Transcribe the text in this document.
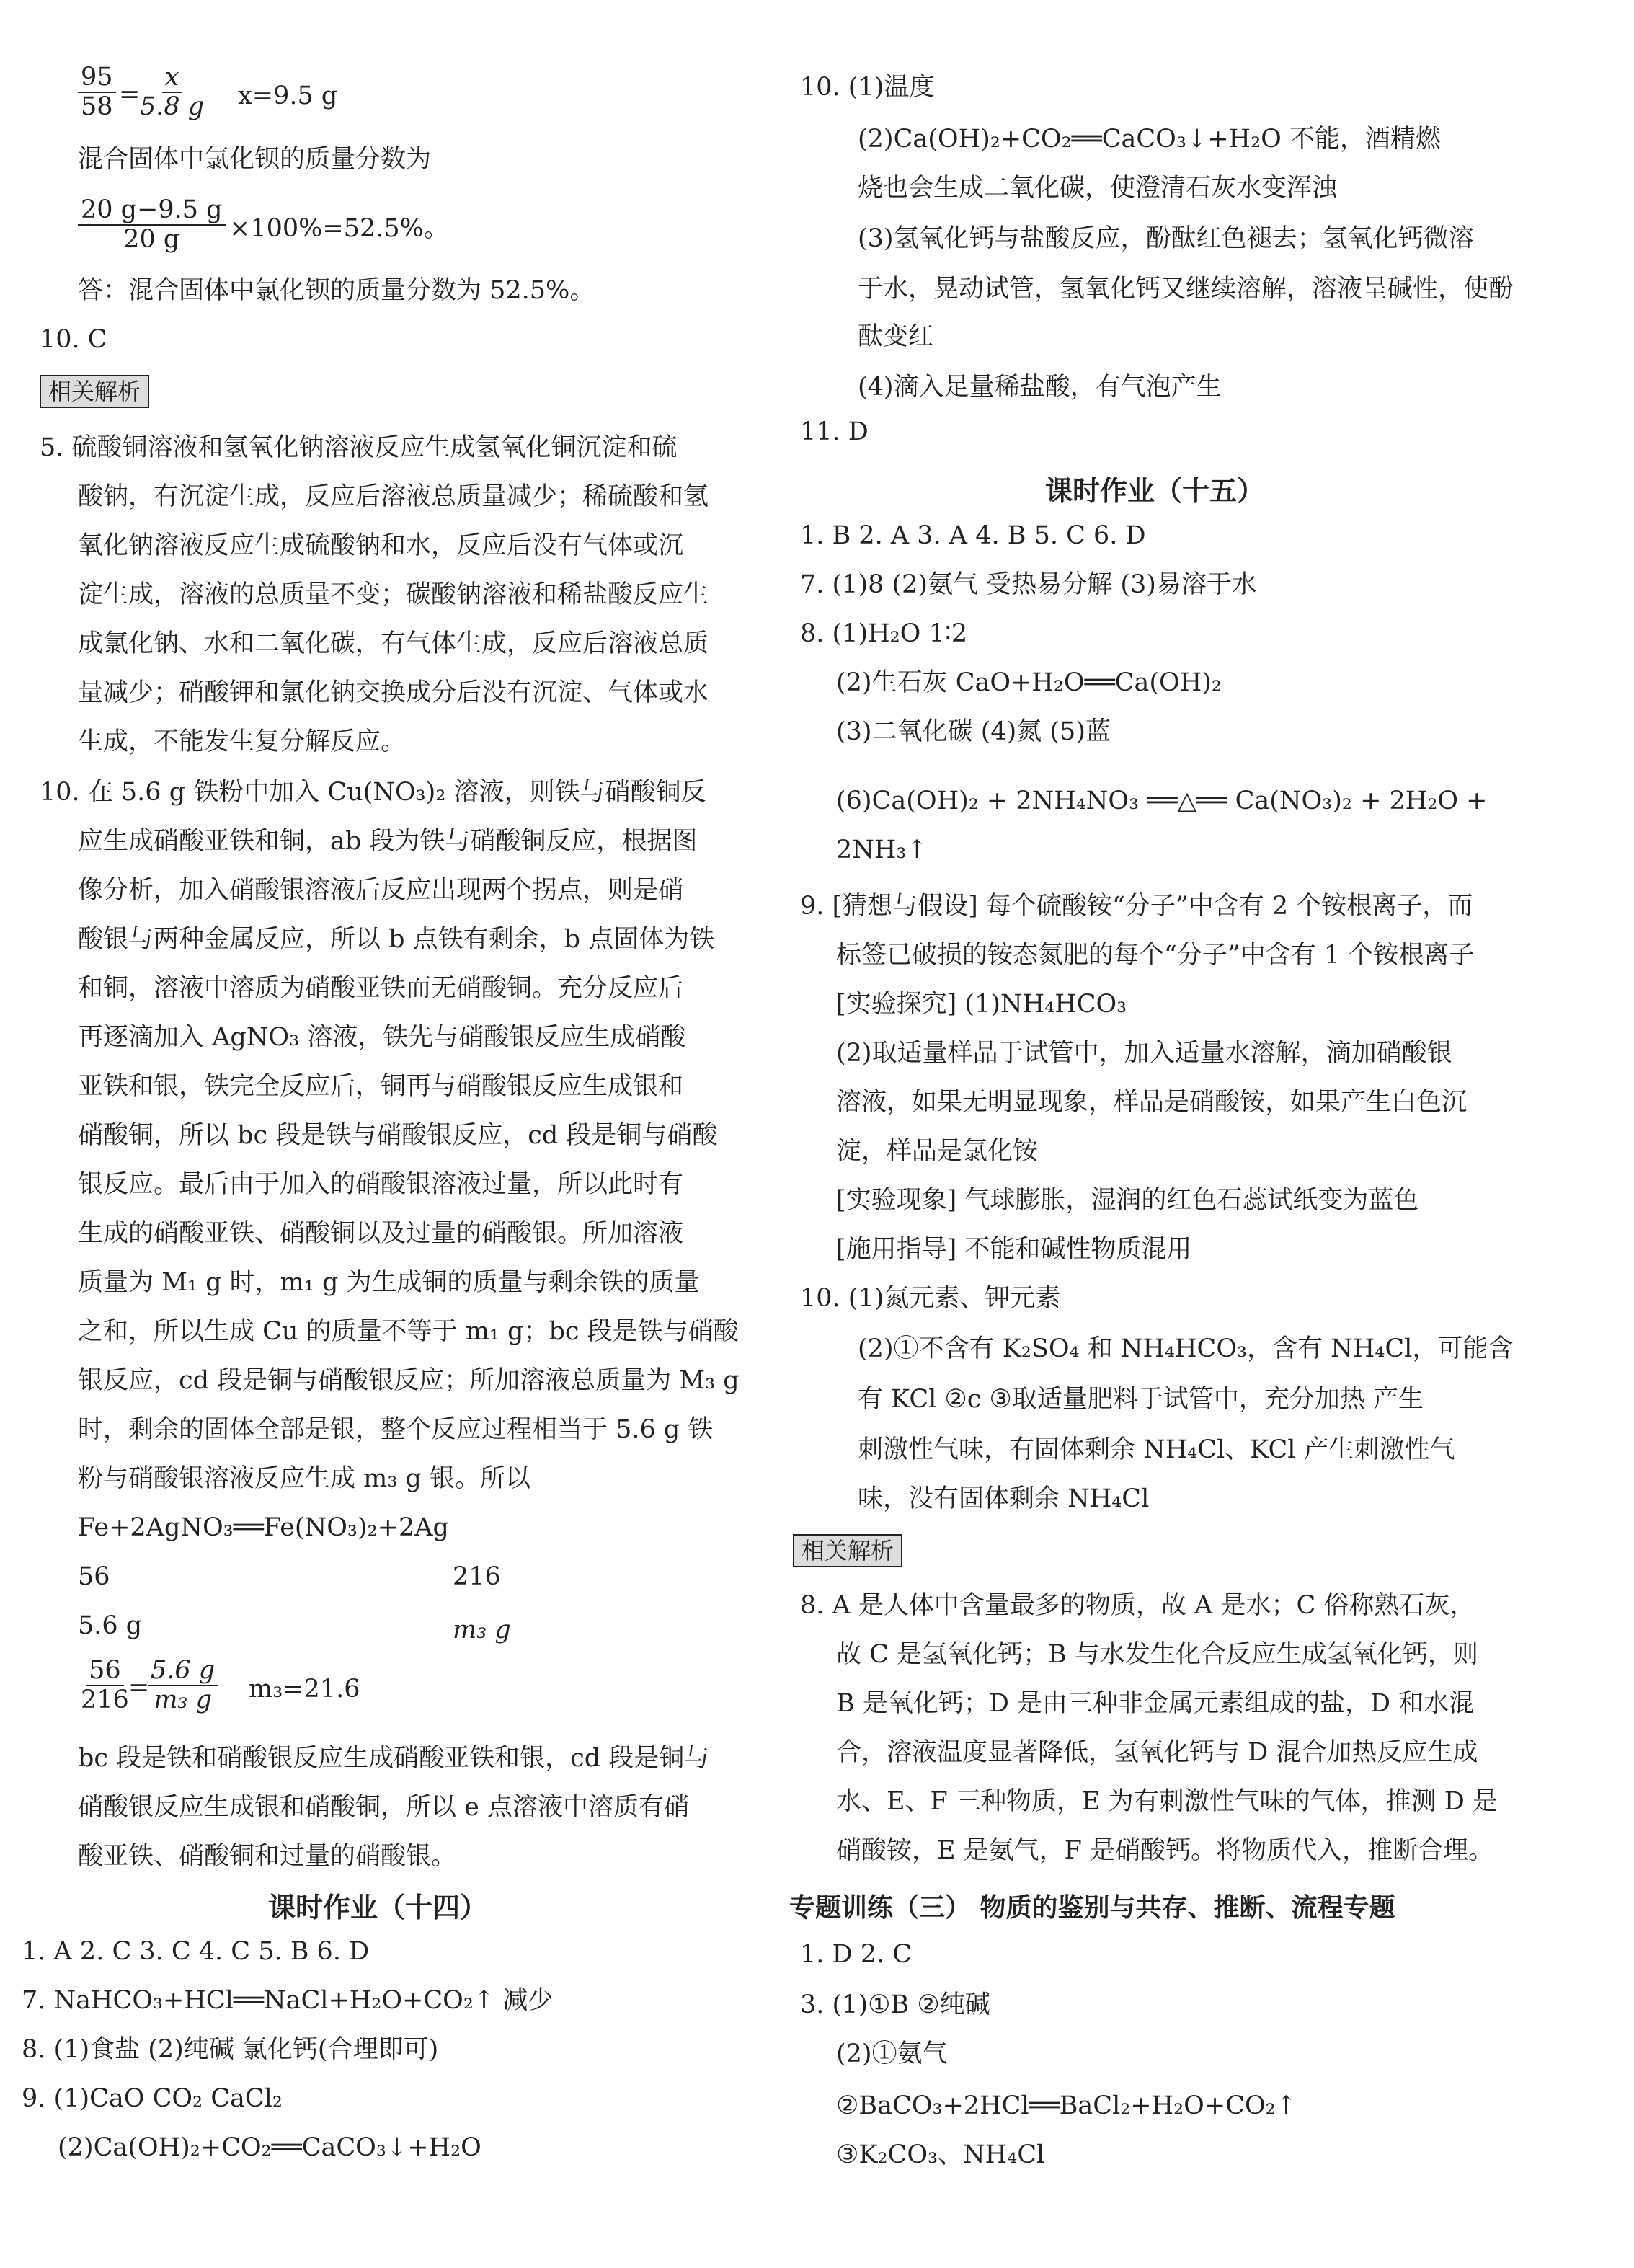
$\frac{95}{58}$ =
$\frac{x}{5.8 g} x=9.5$ g
混合固体中氯化钡的质量分数为
$\frac{20 g-9.5 g}{20 g} \times 100\%=52.5\%$。
答：混合固体中氯化钡的质量分数为 52.5%。
10. C
相关解析
5. 硫酸铜溶液和氢氧化钠溶液反应生成氢氧化铜沉淀和硫
酸钠，有沉淀生成，反应后溶液总质量减少；稀硫酸和氢
氧化钠溶液反应生成硫酸钠和水，反应后没有气体或沉
淀生成，溶液的总质量不变；碳酸钠溶液和稀盐酸反应生
成氯化钠、水和二氧化碳，有气体生成，反应后溶液总质
量减少；硝酸钾和氯化钠交换成分后没有沉淀、气体或水
生成，不能发生复分解反应。
10. 在 5.6 g 铁粉中加入 Cu(NO₃)₂ 溶液，则铁与硝酸铜反
应生成硝酸亚铁和铜，ab 段为铁与硝酸铜反应，根据图
像分析，加入硝酸银溶液后反应出现两个拐点，则是硝
酸银与两种金属反应，所以 b 点铁有剩余，b 点固体为铁
和铜，溶液中溶质为硝酸亚铁而无硝酸铜。充分反应后
再逐滴加入 AgNO₃ 溶液，铁先与硝酸银反应生成硝酸
亚铁和银，铁完全反应后，铜再与硝酸银反应生成银和
硝酸铜，所以 bc 段是铁与硝酸银反应，cd 段是铜与硝酸
银反应。最后由于加入的硝酸银溶液过量，所以此时有
生成的硝酸亚铁、硝酸铜以及过量的硝酸银。所加溶液
质量为 M₁ g 时，m₁ g 为生成铜的质量与剩余铁的质量
之和，所以生成 Cu 的质量不等于 m₁ g；bc 段是铁与硝酸
银反应，cd 段是铜与硝酸银反应；所加溶液总质量为 M₃ g
时，剩余的固体全部是银，整个反应过程相当于 5.6 g 铁
粉与硝酸银溶液反应生成 m₃ g 银。所以
Fe+2AgNO₃══Fe(NO₃)₂+2Ag
56	216
5.6 g	m₃ g
$\frac{56}{216}$
=
$\frac{5.6 g}{\text{m₃ g}} m_3=21.6$
bc 段是铁和硝酸银反应生成硝酸亚铁和银，cd 段是铜与
硝酸银反应生成银和硝酸铜，所以 e 点溶液中溶质有硝
酸亚铁、硝酸铜和过量的硝酸银。
课时作业（十四）
1. A 2. C 3. C 4. C 5. B 6. D
7. NaHCO₃+HCl══NaCl+H₂O+CO₂↑ 减少
8. (1)食盐 (2)纯碱 氯化钙(合理即可)
9. (1)CaO CO₂ CaCl₂
(2)Ca(OH)₂+CO₂══CaCO₃↓+H₂O
10. (1)温度
(2)Ca(OH)₂+CO₂══CaCO₃↓+H₂O 不能，酒精燃
烧也会生成二氧化碳，使澄清石灰水变浑浊
(3)氢氧化钙与盐酸反应，酚酞红色褪去；氢氧化钙微溶
于水，晃动试管，氢氧化钙又继续溶解，溶液呈碱性，使酚
酞变红
(4)滴入足量稀盐酸，有气泡产生
11. D
课时作业（十五）
1. B 2. A 3. A 4. B 5. C 6. D
7. (1)8 (2)氨气 受热易分解 (3)易溶于水
8. (1)H₂O 1∶2
(2)生石灰 CaO+H₂O══Ca(OH)₂
(3)二氧化碳 (4)氮 (5)蓝
(6)Ca(OH)₂ + 2NH₄NO₃ ══△══ Ca(NO₃)₂ + 2H₂O +
2NH₃↑
9. [猜想与假设] 每个硫酸铵“分子”中含有 2 个铵根离子，而
标签已破损的铵态氮肥的每个“分子”中含有 1 个铵根离子
[实验探究] (1)NH₄HCO₃
(2)取适量样品于试管中，加入适量水溶解，滴加硝酸银
溶液，如果无明显现象，样品是硝酸铵，如果产生白色沉
淀，样品是氯化铵
[实验现象] 气球膨胀，湿润的红色石蕊试纸变为蓝色
[施用指导] 不能和碱性物质混用
10. (1)氮元素、钾元素
(2)①不含有 K₂SO₄ 和 NH₄HCO₃，含有 NH₄Cl，可能含
有 KCl ②c ③取适量肥料于试管中，充分加热 产生
刺激性气味，有固体剩余 NH₄Cl、KCl 产生刺激性气
味，没有固体剩余 NH₄Cl
相关解析
8. A 是人体中含量最多的物质，故 A 是水；C 俗称熟石灰，
故 C 是氢氧化钙；B 与水发生化合反应生成氢氧化钙，则
B 是氧化钙；D 是由三种非金属元素组成的盐，D 和水混
合，溶液温度显著降低，氢氧化钙与 D 混合加热反应生成
水、E、F 三种物质，E 为有刺激性气味的气体，推测 D 是
硝酸铵，E 是氨气，F 是硝酸钙。将物质代入，推断合理。
专题训练（三） 物质的鉴别与共存、推断、流程专题
1. D 2. C
3. (1)①B ②纯碱
(2)①氨气
②BaCO₃+2HCl══BaCl₂+H₂O+CO₂↑
③K₂CO₃、NH₄Cl
